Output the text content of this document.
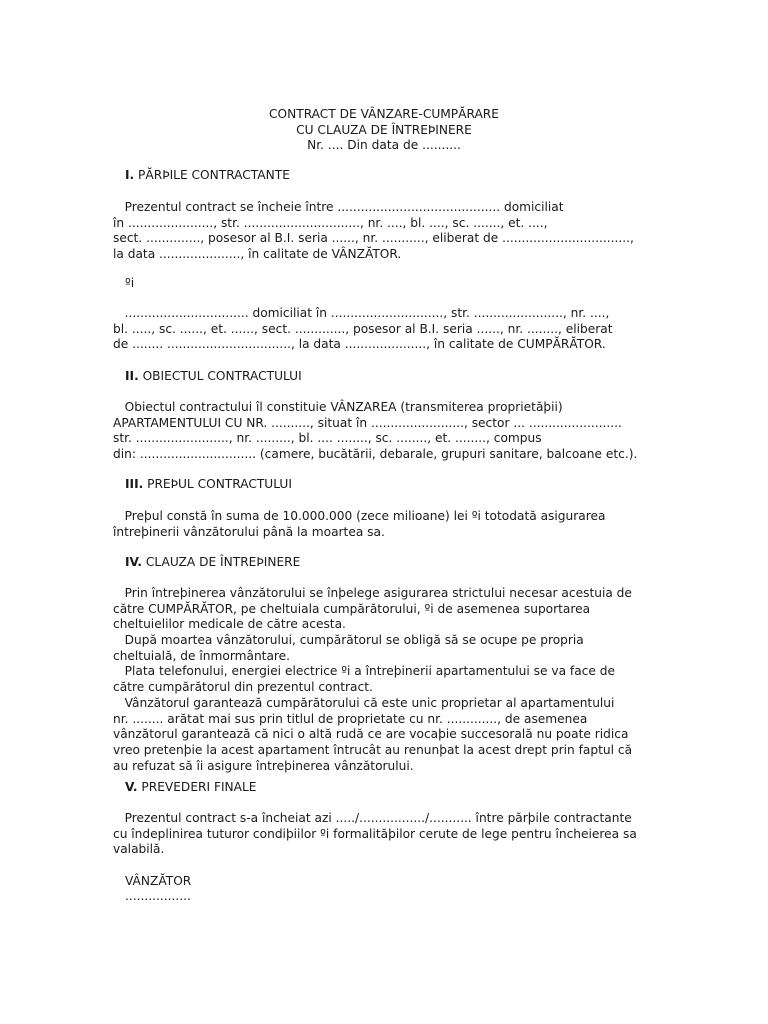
CONTRACT DE VÂNZARE-CUMPĂRARE
CU CLAUZA DE ÎNTREÞINERE
Nr. .... Din data de ..........
I. PĂRÞILE CONTRACTANTE
Prezentul contract se încheie între .......................................... domiciliat
în ......................, str. .............................., nr. ...., bl. ...., sc. ......., et. ....,
sect. .............., posesor al B.I. seria ......, nr. ..........., eliberat de .................................,
la data ....................., în calitate de VÂNZĂTOR.
ºi
................................ domiciliat în ............................., str. ......................., nr. ....,
bl. ....., sc. ......, et. ......, sect. ............., posesor al B.I. seria ......, nr. ........, eliberat
de ........ ................................, la data ....................., în calitate de CUMPĂRĂTOR.
II. OBIECTUL CONTRACTULUI
Obiectul contractului îl constituie VÂNZAREA (transmiterea proprietăþii)
APARTAMENTULUI CU NR. .........., situat în ........................, sector ... ........................
str. ........................, nr. ........., bl. .... ........, sc. ........, et. ........, compus
din: .............................. (camere, bucătării, debarale, grupuri sanitare, balcoane etc.).
III. PREÞUL CONTRACTULUI
Preþul constă în suma de 10.000.000 (zece milioane) lei ºi totodată asigurarea
întreþinerii vânzătorului până la moartea sa.
IV. CLAUZA DE ÎNTREÞINERE
Prin întreþinerea vânzătorului se înþelege asigurarea strictului necesar acestuia de
către CUMPĂRĂTOR, pe cheltuiala cumpărătorului, ºi de asemenea suportarea
cheltuielilor medicale de către acesta.
După moartea vânzătorului, cumpărătorul se obligă să se ocupe pe propria
cheltuială, de înmormântare.
Plata telefonului, energiei electrice ºi a întreþinerii apartamentului se va face de
către cumpărătorul din prezentul contract.
Vânzătorul garantează cumpărătorului că este unic proprietar al apartamentului
nr. ........ arătat mai sus prin titlul de proprietate cu nr. ............., de asemenea
vânzătorul garantează că nici o altă rudă ce are vocaþie succesorală nu poate ridica
vreo pretenþie la acest apartament întrucât au renunþat la acest drept prin faptul că
au refuzat să îi asigure întreþinerea vânzătorului.
V. PREVEDERI FINALE
Prezentul contract s-a încheiat azi ...../................./........... între părþile contractante
cu îndeplinirea tuturor condiþiilor ºi formalităþilor cerute de lege pentru încheierea sa
valabilă.
VÂNZĂTOR
.................
